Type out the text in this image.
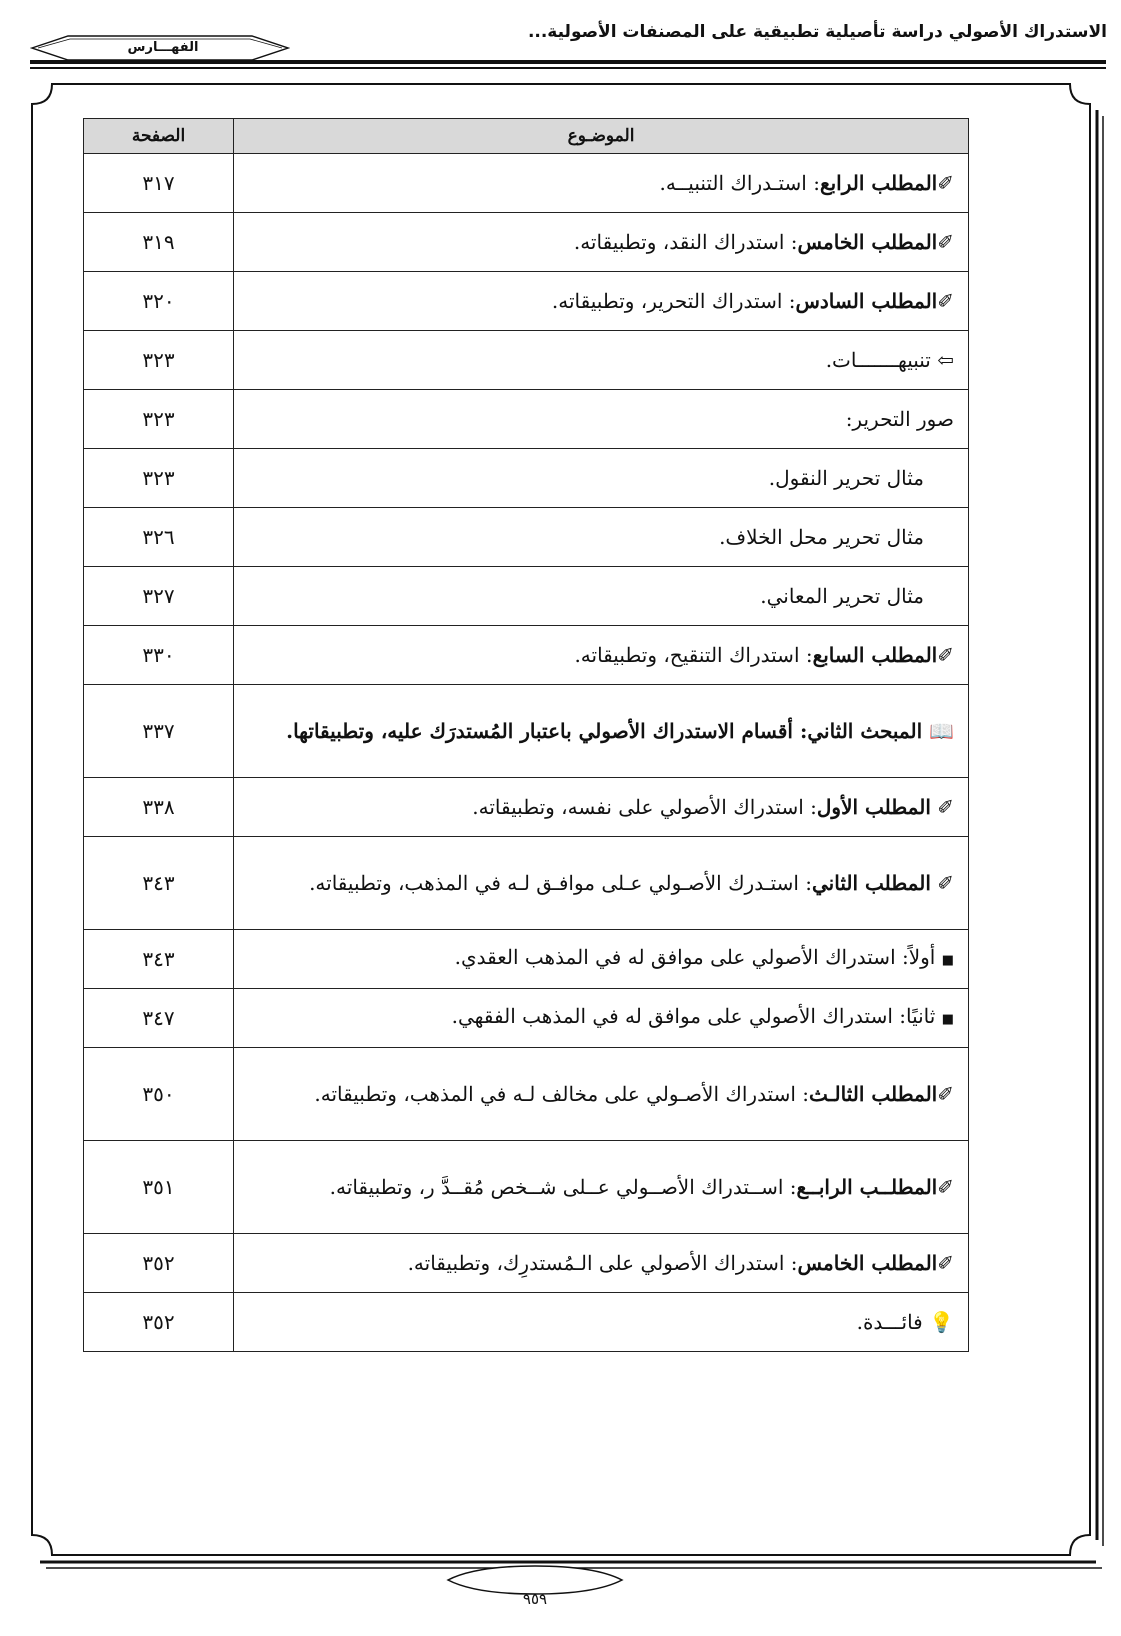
الاستدراك الأصولي دراسة تأصيلية تطبيقية على المصنفات الأصولية...
الفهـــارس
الموضـوع	الصفحة
✐المطلب الرابع: استـدراك التنبيــه.	٣١٧
✐المطلب الخامس: استدراك النقد، وتطبيقاته.	٣١٩
✐المطلب السادس: استدراك التحرير، وتطبيقاته.	٣٢٠
⇦ تنبيهـــــــات.	٣٢٣
صور التحرير:	٣٢٣
مثال تحرير النقول.	٣٢٣
مثال تحرير محل الخلاف.	٣٢٦
مثال تحرير المعاني.	٣٢٧
✐المطلب السابع: استدراك التنقيح، وتطبيقاته.	٣٣٠
📖 المبحث الثاني: أقسام الاستدراك الأصولي باعتبار المُستدرَك عليه، وتطبيقاتها.	٣٣٧
✐ المطلب الأول: استدراك الأصولي على نفسه، وتطبيقاته.	٣٣٨
✐ المطلب الثاني: استـدرك الأصـولي عـلى موافـق لـه في المذهب، وتطبيقاته.	٣٤٣
■ أولاً: استدراك الأصولي على موافق له في المذهب العقدي.	٣٤٣
■ ثانيًا: استدراك الأصولي على موافق له في المذهب الفقهي.	٣٤٧
✐المطلب الثالـث: استدراك الأصـولي على مخالف لـه في المذهب، وتطبيقاته.	٣٥٠
✐المطلــب الرابــع: اســتدراك الأصــولي عــلى شــخص مُقــدَّ ر، وتطبيقاته.	٣٥١
✐المطلب الخامس: استدراك الأصولي على الـمُستدرِك، وتطبيقاته.	٣٥٢
💡 فائـــدة.	٣٥٢
٩٥٩
